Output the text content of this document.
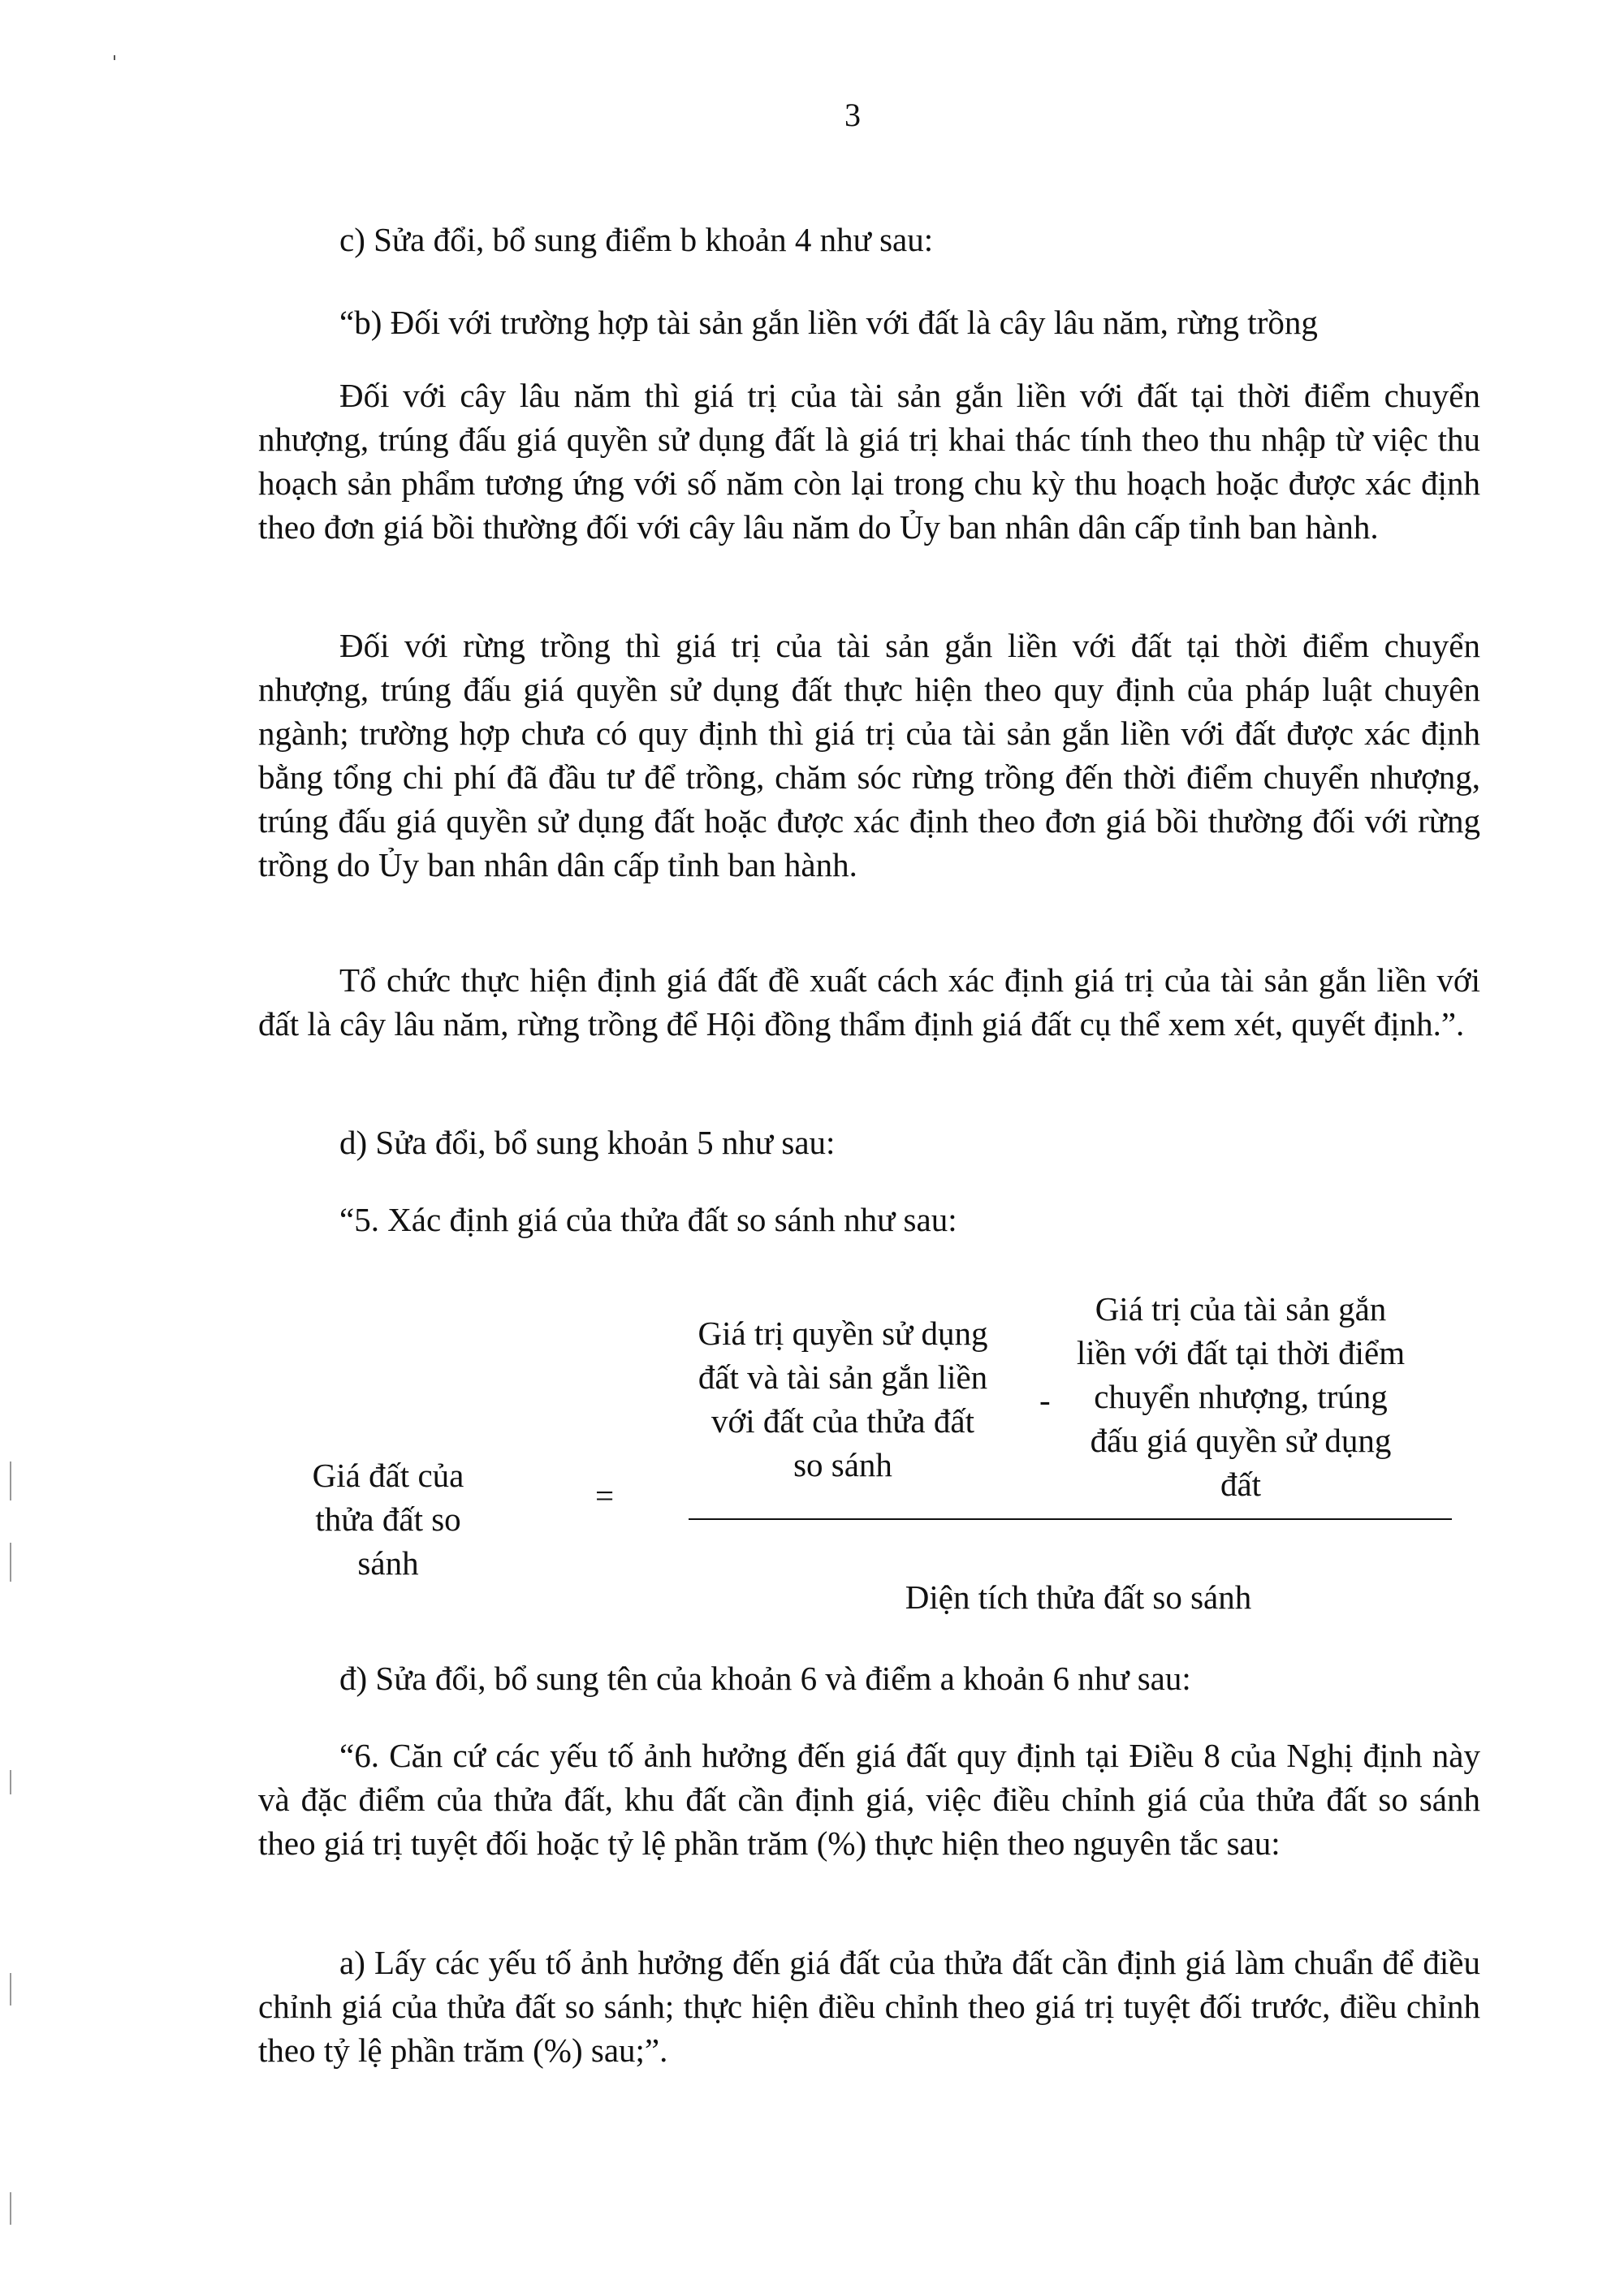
3

c) Sửa đổi, bổ sung điểm b khoản 4 như sau:

“b) Đối với trường hợp tài sản gắn liền với đất là cây lâu năm, rừng trồng

Đối với cây lâu năm thì giá trị của tài sản gắn liền với đất tại thời điểm chuyển nhượng, trúng đấu giá quyền sử dụng đất là giá trị khai thác tính theo thu nhập từ việc thu hoạch sản phẩm tương ứng với số năm còn lại trong chu kỳ thu hoạch hoặc được xác định theo đơn giá bồi thường đối với cây lâu năm do Ủy ban nhân dân cấp tỉnh ban hành.

Đối với rừng trồng thì giá trị của tài sản gắn liền với đất tại thời điểm chuyển nhượng, trúng đấu giá quyền sử dụng đất thực hiện theo quy định của pháp luật chuyên ngành; trường hợp chưa có quy định thì giá trị của tài sản gắn liền với đất được xác định bằng tổng chi phí đã đầu tư để trồng, chăm sóc rừng trồng đến thời điểm chuyển nhượng, trúng đấu giá quyền sử dụng đất hoặc được xác định theo đơn giá bồi thường đối với rừng trồng do Ủy ban nhân dân cấp tỉnh ban hành.

Tổ chức thực hiện định giá đất đề xuất cách xác định giá trị của tài sản gắn liền với đất là cây lâu năm, rừng trồng để Hội đồng thẩm định giá đất cụ thể xem xét, quyết định.”.

d) Sửa đổi, bổ sung khoản 5 như sau:

“5. Xác định giá của thửa đất so sánh như sau:

Giá đất của thửa đất so sánh
=
Giá trị quyền sử dụng đất và tài sản gắn liền với đất của thửa đất so sánh
-
Giá trị của tài sản gắn liền với đất tại thời điểm chuyển nhượng, trúng đấu giá quyền sử dụng đất
Diện tích thửa đất so sánh

đ) Sửa đổi, bổ sung tên của khoản 6 và điểm a khoản 6 như sau:

“6. Căn cứ các yếu tố ảnh hưởng đến giá đất quy định tại Điều 8 của Nghị định này và đặc điểm của thửa đất, khu đất cần định giá, việc điều chỉnh giá của thửa đất so sánh theo giá trị tuyệt đối hoặc tỷ lệ phần trăm (%) thực hiện theo nguyên tắc sau:

a) Lấy các yếu tố ảnh hưởng đến giá đất của thửa đất cần định giá làm chuẩn để điều chỉnh giá của thửa đất so sánh; thực hiện điều chỉnh theo giá trị tuyệt đối trước, điều chỉnh theo tỷ lệ phần trăm (%) sau;”.
